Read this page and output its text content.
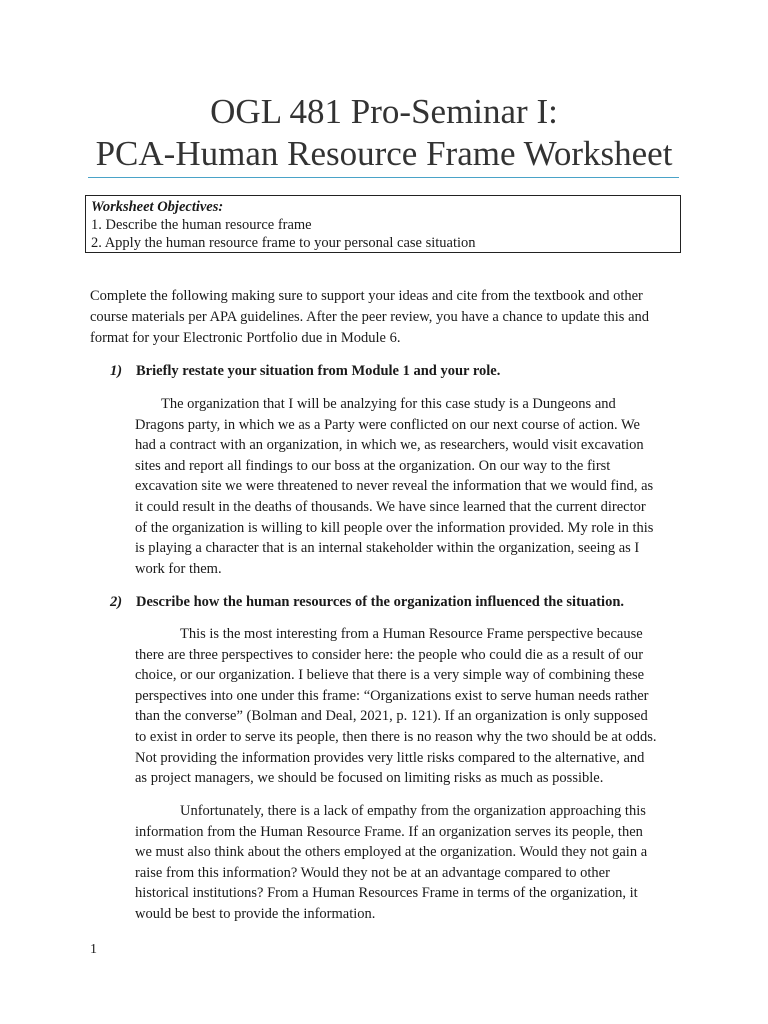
OGL 481 Pro-Seminar I:
PCA-Human Resource Frame Worksheet
Worksheet Objectives:
1. Describe the human resource frame
2. Apply the human resource frame to your personal case situation
Complete the following making sure to support your ideas and cite from the textbook and other
course materials per APA guidelines. After the peer review, you have a chance to update this and
format for your Electronic Portfolio due in Module 6.
1) Briefly restate your situation from Module 1 and your role.
The organization that I will be analzying for this case study is a Dungeons and
Dragons party, in which we as a Party were conflicted on our next course of action. We
had a contract with an organization, in which we, as researchers, would visit excavation
sites and report all findings to our boss at the organization. On our way to the first
excavation site we were threatened to never reveal the information that we would find, as
it could result in the deaths of thousands. We have since learned that the current director
of the organization is willing to kill people over the information provided. My role in this
is playing a character that is an internal stakeholder within the organization, seeing as I
work for them.
2) Describe how the human resources of the organization influenced the situation.
This is the most interesting from a Human Resource Frame perspective because
there are three perspectives to consider here: the people who could die as a result of our
choice, or our organization. I believe that there is a very simple way of combining these
perspectives into one under this frame: “Organizations exist to serve human needs rather
than the converse” (Bolman and Deal, 2021, p. 121). If an organization is only supposed
to exist in order to serve its people, then there is no reason why the two should be at odds.
Not providing the information provides very little risks compared to the alternative, and
as project managers, we should be focused on limiting risks as much as possible.
Unfortunately, there is a lack of empathy from the organization approaching this
information from the Human Resource Frame. If an organization serves its people, then
we must also think about the others employed at the organization. Would they not gain a
raise from this information? Would they not be at an advantage compared to other
historical institutions? From a Human Resources Frame in terms of the organization, it
would be best to provide the information.
1
